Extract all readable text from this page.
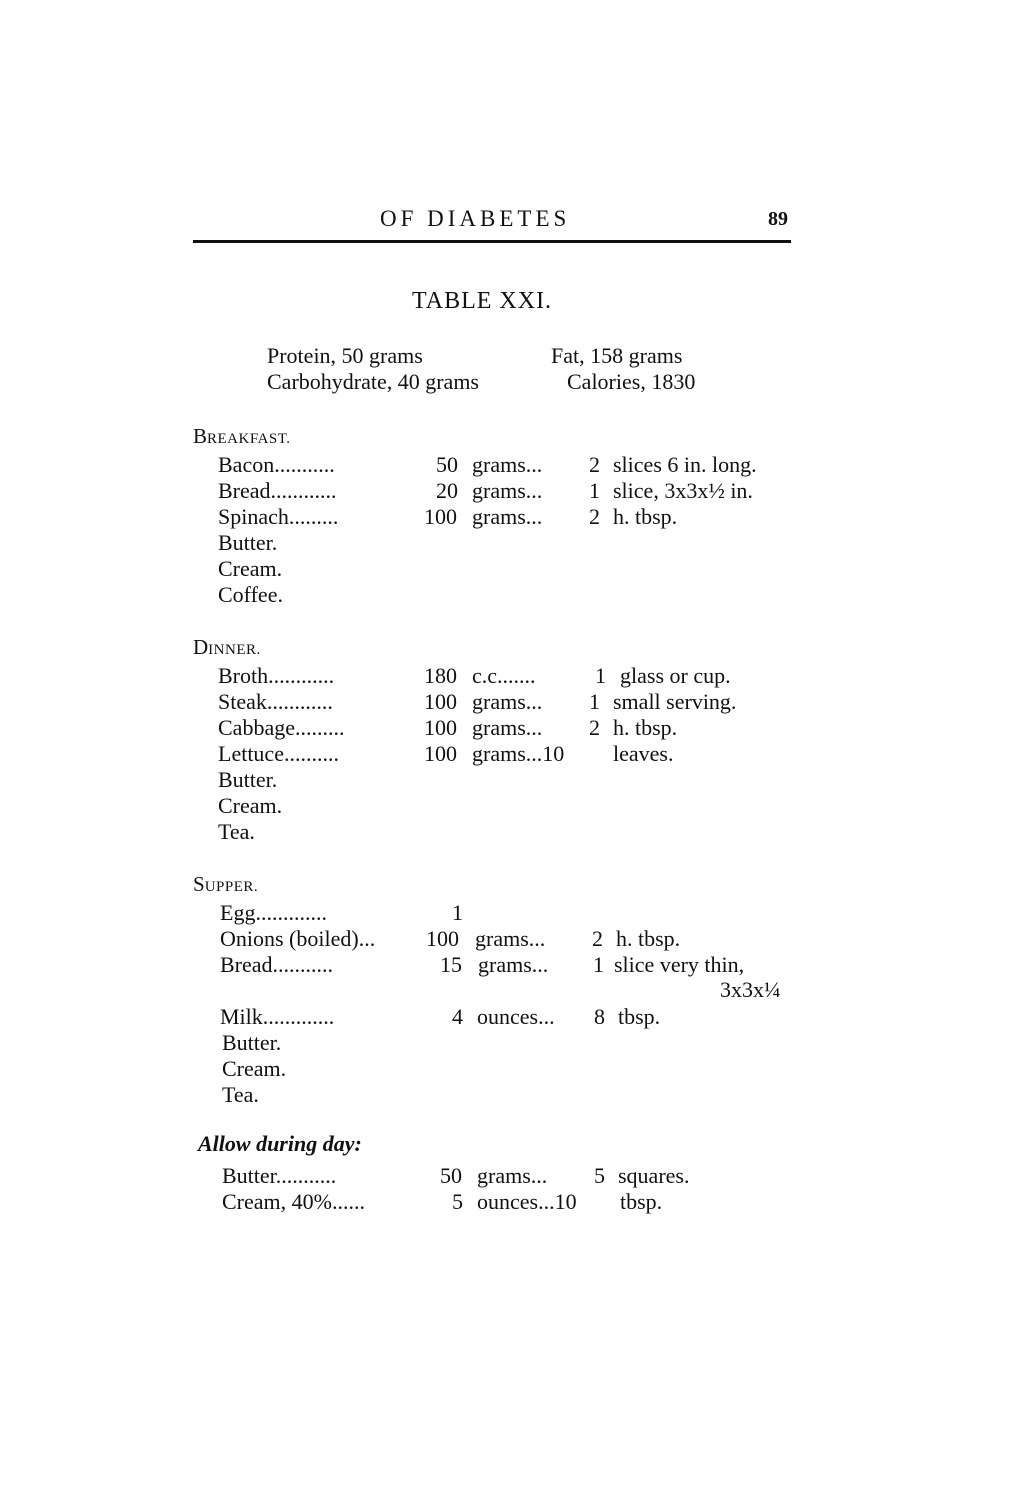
OF DIABETES	89
TABLE XXI.
Protein, 50 grams	Fat, 158 grams
Carbohydrate, 40 grams	Calories, 1830
BREAKFAST.
Bacon...........	50 grams... 2 slices 6 in. long.
Bread............	20 grams... 1 slice, 3x3x½ in.
Spinach.........	100 grams... 2 h. tbsp.
Butter.
Cream.
Coffee.
DINNER.
Broth............	180 c.c.......	1 glass or cup.
Steak............	100 grams... 1 small serving.
Cabbage.........	100 grams... 2 h. tbsp.
Lettuce..........	100 grams...10 leaves.
Butter.
Cream.
Tea.
SUPPER.
Egg.............	1
Onions (boiled)... 100 grams... 2 h. tbsp.
Bread...........	15 grams... 1 slice very thin,
3x3x¼
Milk.............	4 ounces... 8 tbsp.
Butter.
Cream.
Tea.
Allow during day:
Butter...........	50 grams... 5 squares.
Cream, 40%......	5 ounces...10 tbsp.
